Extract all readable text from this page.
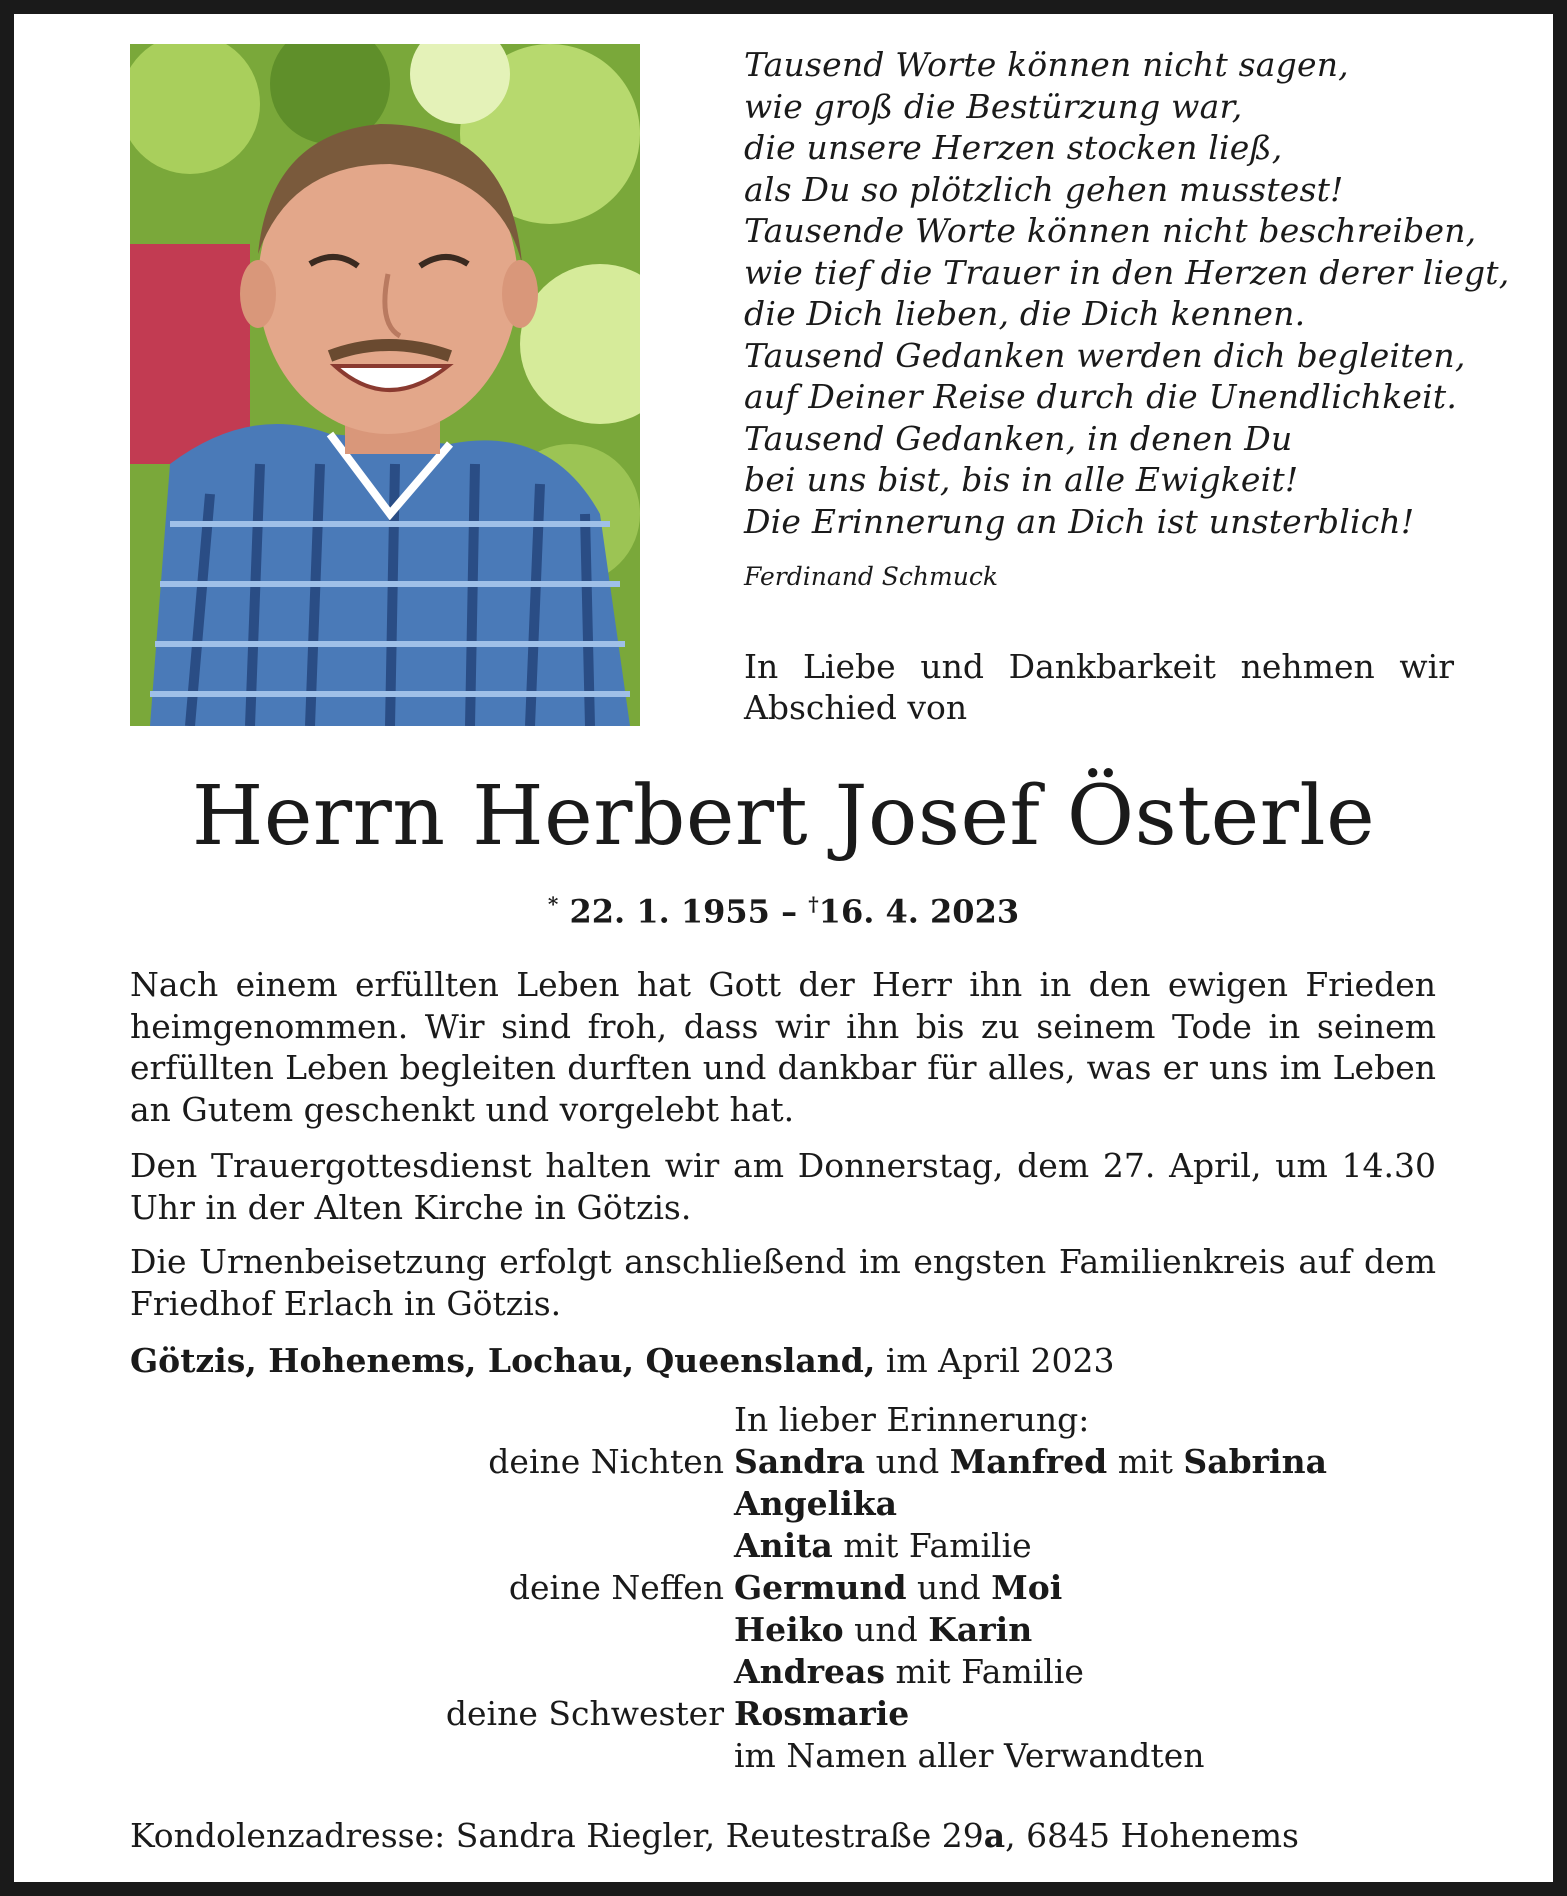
Tausend Worte können nicht sagen,
wie groß die Bestürzung war,
die unsere Herzen stocken ließ,
als Du so plötzlich gehen musstest!
Tausende Worte können nicht beschreiben,
wie tief die Trauer in den Herzen derer liegt,
die Dich lieben, die Dich kennen.
Tausend Gedanken werden dich begleiten,
auf Deiner Reise durch die Unendlichkeit.
Tausend Gedanken, in denen Du
bei uns bist, bis in alle Ewigkeit!
Die Erinnerung an Dich ist unsterblich!
Ferdinand Schmuck
In Liebe und Dankbarkeit nehmen wir Abschied von
Herrn Herbert Josef Österle
* 22. 1. 1955 – †16. 4. 2023
Nach einem erfüllten Leben hat Gott der Herr ihn in den ewigen Frieden heimgenommen. Wir sind froh, dass wir ihn bis zu seinem Tode in seinem erfüllten Leben begleiten durften und dankbar für alles, was er uns im Leben an Gutem geschenkt und vorgelebt hat.
Den Trauergottesdienst halten wir am Donnerstag, dem 27. April, um 14.30 Uhr in der Alten Kirche in Götzis.
Die Urnenbeisetzung erfolgt anschließend im engsten Familienkreis auf dem Friedhof Erlach in Götzis.
Götzis, Hohenems, Lochau, Queensland, im April 2023
In lieber Erinnerung:
deine Nichten Sandra und Manfred mit Sabrina
Angelika
Anita mit Familie
deine Neffen Germund und Moi
Heiko und Karin
Andreas mit Familie
deine Schwester Rosmarie
im Namen aller Verwandten
Kondolenzadresse: Sandra Riegler, Reutestraße 29a, 6845 Hohenems
